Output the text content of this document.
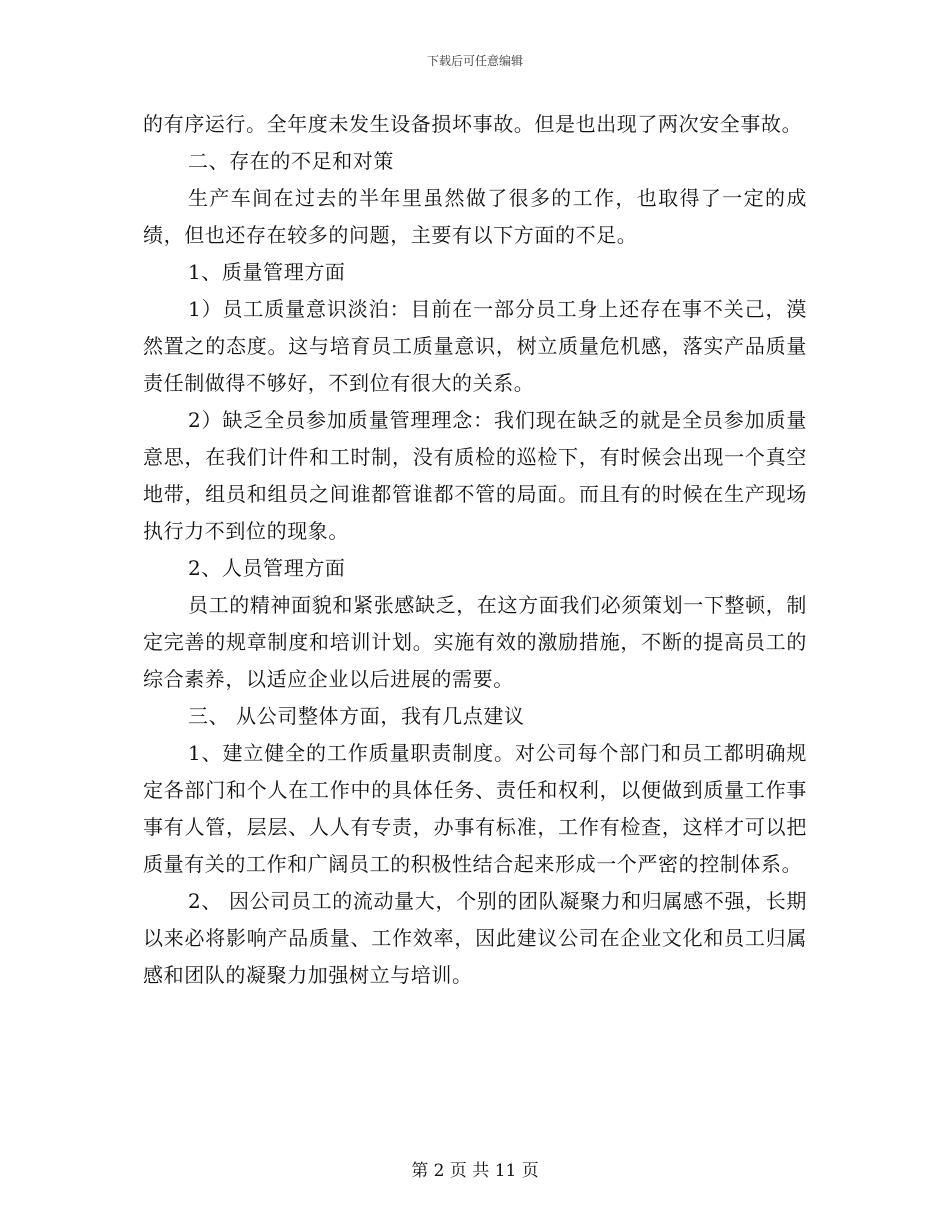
下载后可任意编辑

的有序运行。全年度未发生设备损坏事故。但是也出现了两次安全事故。

二、存在的不足和对策

生产车间在过去的半年里虽然做了很多的工作，也取得了一定的成绩，但也还存在较多的问题，主要有以下方面的不足。

1、质量管理方面

1）员工质量意识淡泊：目前在一部分员工身上还存在事不关己，漠然置之的态度。这与培育员工质量意识，树立质量危机感，落实产品质量责任制做得不够好，不到位有很大的关系。

2）缺乏全员参加质量管理理念：我们现在缺乏的就是全员参加质量意思，在我们计件和工时制，没有质检的巡检下，有时候会出现一个真空地带，组员和组员之间谁都管谁都不管的局面。而且有的时候在生产现场执行力不到位的现象。

2、人员管理方面

员工的精神面貌和紧张感缺乏，在这方面我们必须策划一下整顿，制定完善的规章制度和培训计划。实施有效的激励措施，不断的提高员工的综合素养，以适应企业以后进展的需要。

三、 从公司整体方面，我有几点建议

1、建立健全的工作质量职责制度。对公司每个部门和员工都明确规定各部门和个人在工作中的具体任务、责任和权利，以便做到质量工作事事有人管，层层、人人有专责，办事有标准，工作有检查，这样才可以把质量有关的工作和广阔员工的积极性结合起来形成一个严密的控制体系。

2、 因公司员工的流动量大，个别的团队凝聚力和归属感不强，长期以来必将影响产品质量、工作效率，因此建议公司在企业文化和员工归属感和团队的凝聚力加强树立与培训。

第 2 页 共 11 页
